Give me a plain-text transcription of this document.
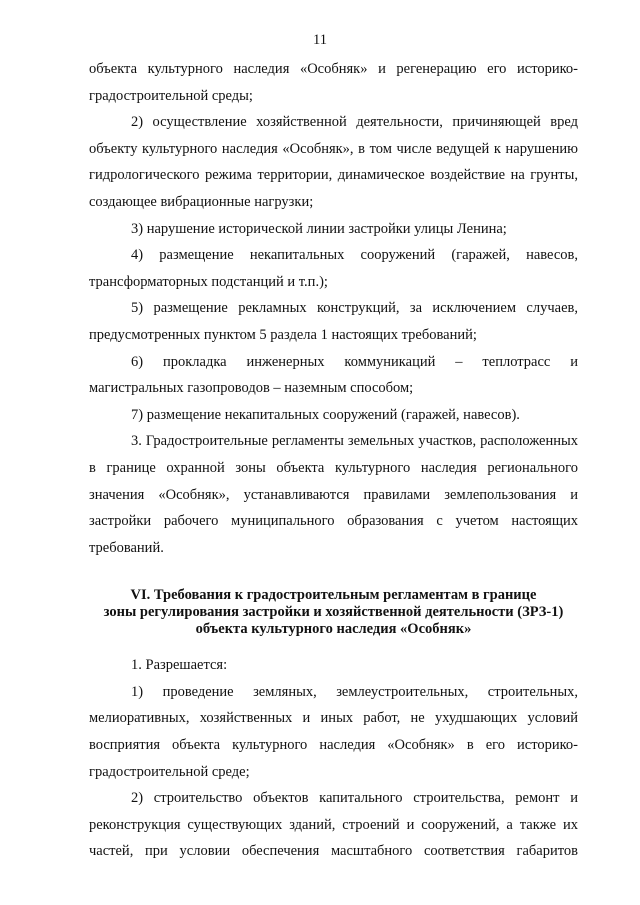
11

объекта культурного наследия «Особняк» и регенерацию его историко-градостроительной среды;

2) осуществление хозяйственной деятельности, причиняющей вред объекту культурного наследия «Особняк», в том числе ведущей к нарушению гидрологического режима территории, динамическое воздействие на грунты, создающее вибрационные нагрузки;

3) нарушение исторической линии застройки улицы Ленина;

4) размещение некапитальных сооружений (гаражей, навесов, трансформаторных подстанций и т.п.);

5) размещение рекламных конструкций, за исключением случаев, предусмотренных пунктом 5 раздела 1 настоящих требований;

6) прокладка инженерных коммуникаций – теплотрасс и магистральных газопроводов – наземным способом;

7) размещение некапитальных сооружений (гаражей, навесов).

3. Градостроительные регламенты земельных участков, расположенных в границе охранной зоны объекта культурного наследия регионального значения «Особняк», устанавливаются правилами землепользования и застройки рабочего муниципального образования с учетом настоящих требований.

VI. Требования к градостроительным регламентам в границе
зоны регулирования застройки и хозяйственной деятельности (ЗРЗ-1)
объекта культурного наследия «Особняк»

1. Разрешается:

1) проведение земляных, землеустроительных, строительных, мелиоративных, хозяйственных и иных работ, не ухудшающих условий восприятия объекта культурного наследия «Особняк» в его историко-градостроительной среде;

2) строительство объектов капитального строительства, ремонт и реконструкция существующих зданий, строений и сооружений, а также их частей, при условии обеспечения масштабного соответствия габаритов
